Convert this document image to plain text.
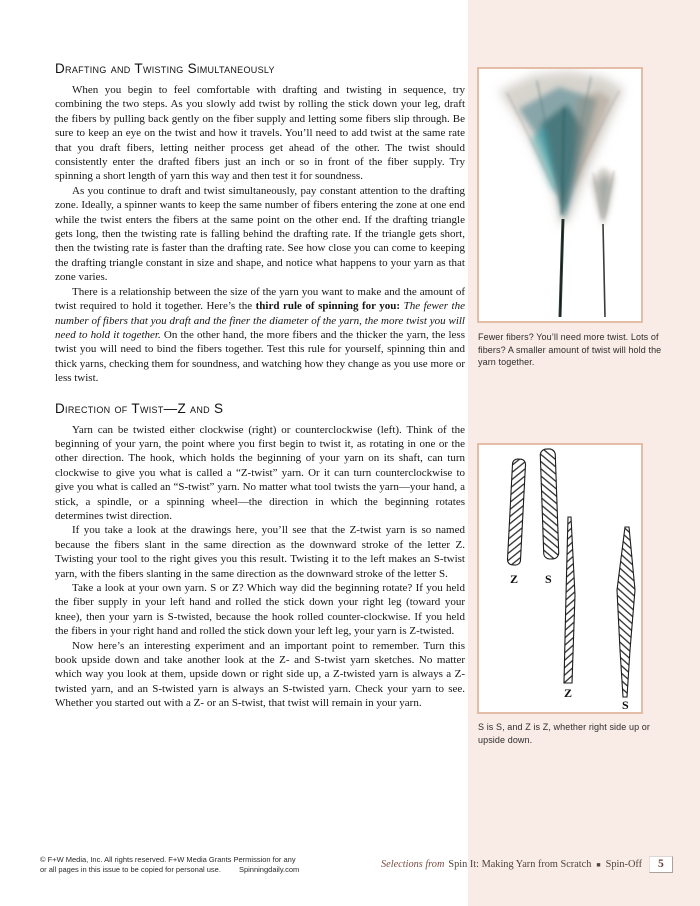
Drafting and Twisting Simultaneously

When you begin to feel comfortable with drafting and twisting in sequence, try combining the two steps. As you slowly add twist by rolling the stick down your leg, draft the fibers by pulling back gently on the fiber supply and letting some fibers slip through. Be sure to keep an eye on the twist and how it travels. You’ll need to add twist at the same rate that you draft fibers, letting neither process get ahead of the other. The twist should consistently enter the drafted fibers just an inch or so in front of the fiber supply. Try spinning a short length of yarn this way and then test it for soundness.

As you continue to draft and twist simultaneously, pay constant attention to the drafting zone. Ideally, a spinner wants to keep the same number of fibers entering the zone at one end while the twist enters the fibers at the same point on the other end. If the drafting triangle gets long, then the twisting rate is falling behind the drafting rate. If the triangle gets short, then the twisting rate is faster than the drafting rate. See how close you can come to keeping the drafting triangle constant in size and shape, and notice what happens to your yarn as that zone varies.

There is a relationship between the size of the yarn you want to make and the amount of twist required to hold it together. Here’s the third rule of spinning for you: The fewer the number of fibers that you draft and the finer the diameter of the yarn, the more twist you will need to hold it together. On the other hand, the more fibers and the thicker the yarn, the less twist you will need to bind the fibers together. Test this rule for yourself, spinning thin and thick yarns, checking them for soundness, and watching how they change as you use more or less twist.

Direction of Twist—Z and S

Yarn can be twisted either clockwise (right) or counterclockwise (left). Think of the beginning of your yarn, the point where you first begin to twist it, as rotating in one or the other direction. The hook, which holds the beginning of your yarn on its shaft, can turn clockwise to give you what is called a “Z-twist” yarn. Or it can turn counterclockwise to give you what is called an “S-twist” yarn. No matter what tool twists the yarn—your hand, a stick, a spindle, or a spinning wheel—the direction in which the beginning rotates determines twist direction.

If you take a look at the drawings here, you’ll see that the Z-twist yarn is so named because the fibers slant in the same direction as the downward stroke of the letter Z. Twisting your tool to the right gives you this result. Twisting it to the left makes an S-twist yarn, with the fibers slanting in the same direction as the downward stroke of the letter S.

Take a look at your own yarn. S or Z? Which way did the beginning rotate? If you held the fiber supply in your left hand and rolled the stick down your right leg (toward your knee), then your yarn is S-twisted, because the hook rolled counter-clockwise. If you held the fibers in your right hand and rolled the stick down your left leg, your yarn is Z-twisted.

Now here’s an interesting experiment and an important point to remember. Turn this book upside down and take another look at the Z- and S-twist yarn sketches. No matter which way you look at them, upside down or right side up, a Z-twisted yarn is always a Z-twisted yarn, and an S-twisted yarn is always an S-twisted yarn. Check your yarn to see. Whether you started out with a Z- or an S-twist, that twist will remain in your yarn.

Fewer fibers? You’ll need more twist. Lots of fibers? A smaller amount of twist will hold the yarn together.
Z S
Z
S
S is S, and Z is Z, whether right side up or upside down.
© F+W Media, Inc. All rights reserved. F+W Media Grants Permission for any
or all pages in this issue to be copied for personal use. Spinningdaily.com	Selections from Spin It: Making Yarn from Scratch ■ Spin-Off	5
